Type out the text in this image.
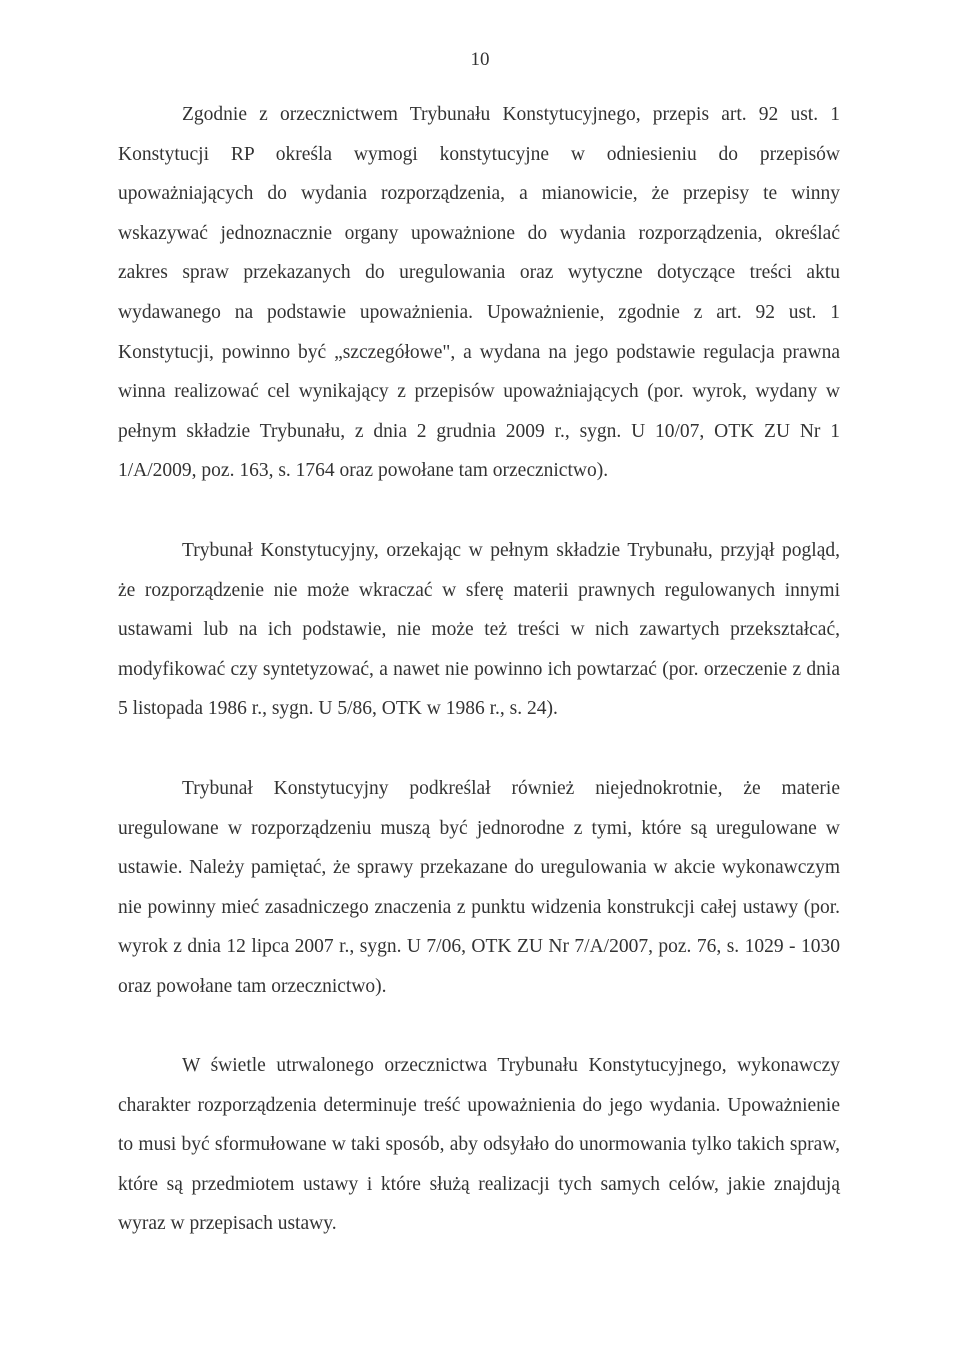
10

Zgodnie z orzecznictwem Trybunału Konstytucyjnego, przepis art. 92 ust. 1 Konstytucji RP określa wymogi konstytucyjne w odniesieniu do przepisów upoważniających do wydania rozporządzenia, a mianowicie, że przepisy te winny wskazywać jednoznacznie organy upoważnione do wydania rozporządzenia, określać zakres spraw przekazanych do uregulowania oraz wytyczne dotyczące treści aktu wydawanego na podstawie upoważnienia. Upoważnienie, zgodnie z art. 92 ust. 1 Konstytucji, powinno być „szczegółowe", a wydana na jego podstawie regulacja prawna winna realizować cel wynikający z przepisów upoważniających (por. wyrok, wydany w pełnym składzie Trybunału, z dnia 2 grudnia 2009 r., sygn. U 10/07, OTK ZU Nr 1 1/A/2009, poz. 163, s. 1764 oraz powołane tam orzecznictwo).

Trybunał Konstytucyjny, orzekając w pełnym składzie Trybunału, przyjął pogląd, że rozporządzenie nie może wkraczać w sferę materii prawnych regulowanych innymi ustawami lub na ich podstawie, nie może też treści w nich zawartych przekształcać, modyfikować czy syntetyzować, a nawet nie powinno ich powtarzać (por. orzeczenie z dnia 5 listopada 1986 r., sygn. U 5/86, OTK w 1986 r., s. 24).

Trybunał Konstytucyjny podkreślał również niejednokrotnie, że materie uregulowane w rozporządzeniu muszą być jednorodne z tymi, które są uregulowane w ustawie. Należy pamiętać, że sprawy przekazane do uregulowania w akcie wykonawczym nie powinny mieć zasadniczego znaczenia z punktu widzenia konstrukcji całej ustawy (por. wyrok z dnia 12 lipca 2007 r., sygn. U 7/06, OTK ZU Nr 7/A/2007, poz. 76, s. 1029 - 1030 oraz powołane tam orzecznictwo).

W świetle utrwalonego orzecznictwa Trybunału Konstytucyjnego, wykonawczy charakter rozporządzenia determinuje treść upoważnienia do jego wydania. Upoważnienie to musi być sformułowane w taki sposób, aby odsyłało do unormowania tylko takich spraw, które są przedmiotem ustawy i które służą realizacji tych samych celów, jakie znajdują wyraz w przepisach ustawy.
